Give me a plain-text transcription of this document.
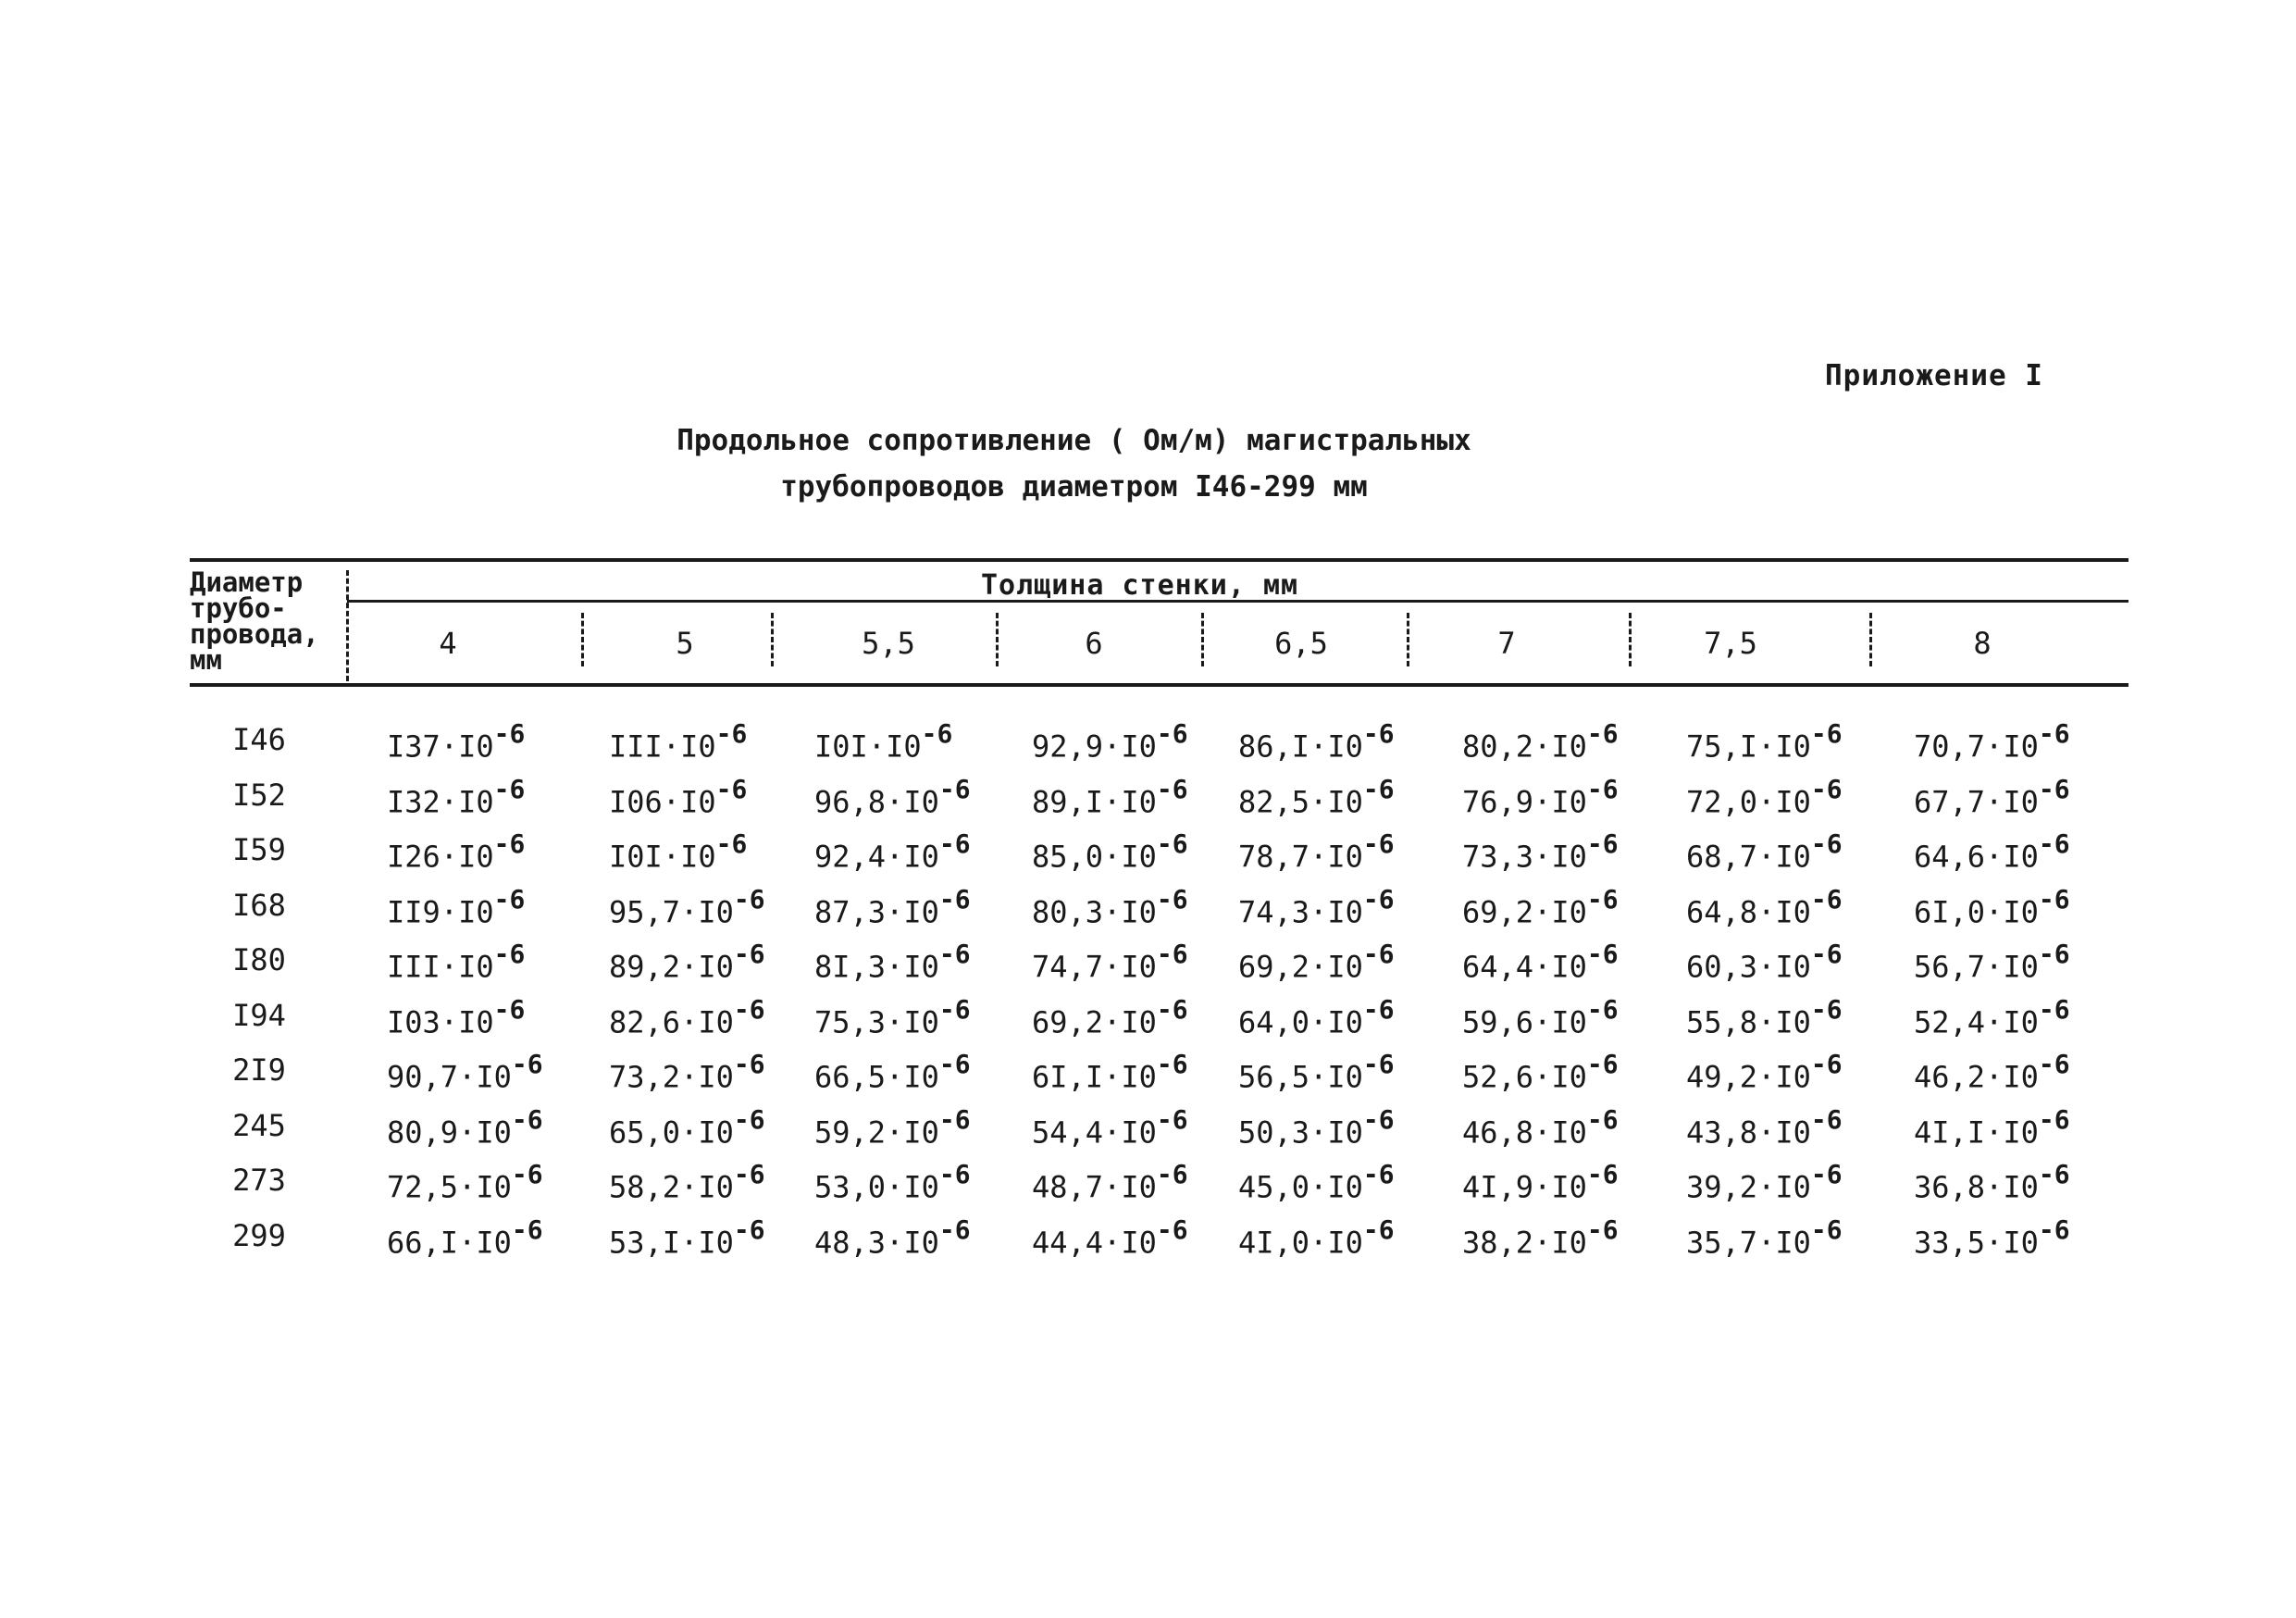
Приложение I
Продольное сопротивление ( Ом/м) магистральных
трубопроводов диаметром I46-299 мм
Диаметр
трубо-
провода,
мм
Толщина стенки, мм
4	5	5,5	6	6,5	7	7,5	8
I46	$I37\cdot I0^{-6}$	$III\cdot I0^{-6}$ $I0I\cdot I0^{-6}$	$92,9\cdot I0^{-6}$ $86,I\cdot I0^{-6}$ $80,2\cdot I0^{-6}$ $75,I\cdot I0^{-6}$ $70,7\cdot I0^{-6}$
I52	$I32\cdot I0^{-6}$	$I06\cdot I0^{-6}$ $96,8\cdot I0^{-6}$ $89,I\cdot I0^{-6}$ $82,5\cdot I0^{-6}$ $76,9\cdot I0^{-6}$ $72,0\cdot I0^{-6}$ $67,7\cdot I0^{-6}$
I59	$I26\cdot I0^{-6}$	$I0I\cdot I0^{-6}$ $92,4\cdot I0^{-6}$ $85,0\cdot I0^{-6}$ $78,7\cdot I0^{-6}$ $73,3\cdot I0^{-6}$ $68,7\cdot I0^{-6}$ $64,6\cdot I0^{-6}$
I68	$II9\cdot I0^{-6}$	$95,7\cdot I0^{-6}$ $87,3\cdot I0^{-6}$ $80,3\cdot I0^{-6}$ $74,3\cdot I0^{-6}$ $69,2\cdot I0^{-6}$ $64,8\cdot I0^{-6}$ $6I,0\cdot I0^{-6}$
I80	$III\cdot I0^{-6}$	$89,2\cdot I0^{-6}$ $8I,3\cdot I0^{-6}$ $74,7\cdot I0^{-6}$ $69,2\cdot I0^{-6}$ $64,4\cdot I0^{-6}$ $60,3\cdot I0^{-6}$ $56,7\cdot I0^{-6}$
I94	$I03\cdot I0^{-6}$	$82,6\cdot I0^{-6}$ $75,3\cdot I0^{-6}$ $69,2\cdot I0^{-6}$ $64,0\cdot I0^{-6}$ $59,6\cdot I0^{-6}$ $55,8\cdot I0^{-6}$ $52,4\cdot I0^{-6}$
2I9	$90,7\cdot I0^{-6}$ $73,2\cdot I0^{-6}$ $66,5\cdot I0^{-6}$ $6I,I\cdot I0^{-6}$ $56,5\cdot I0^{-6}$ $52,6\cdot I0^{-6}$ $49,2\cdot I0^{-6}$ $46,2\cdot I0^{-6}$
245	$80,9\cdot I0^{-6}$ $65,0\cdot I0^{-6}$ $59,2\cdot I0^{-6}$ $54,4\cdot I0^{-6}$ $50,3\cdot I0^{-6}$ $46,8\cdot I0^{-6}$ $43,8\cdot I0^{-6}$ $4I,I\cdot I0^{-6}$
273	$72,5\cdot I0^{-6}$ $58,2\cdot I0^{-6}$ $53,0\cdot I0^{-6}$ $48,7\cdot I0^{-6}$ $45,0\cdot I0^{-6}$ $4I,9\cdot I0^{-6}$ $39,2\cdot I0^{-6}$ $36,8\cdot I0^{-6}$
299	$66,I\cdot I0^{-6}$ $53,I\cdot I0^{-6}$ $48,3\cdot I0^{-6}$ $44,4\cdot I0^{-6}$ $4I,0\cdot I0^{-6}$ $38,2\cdot I0^{-6}$ $35,7\cdot I0^{-6}$ $33,5\cdot I0^{-6}$
